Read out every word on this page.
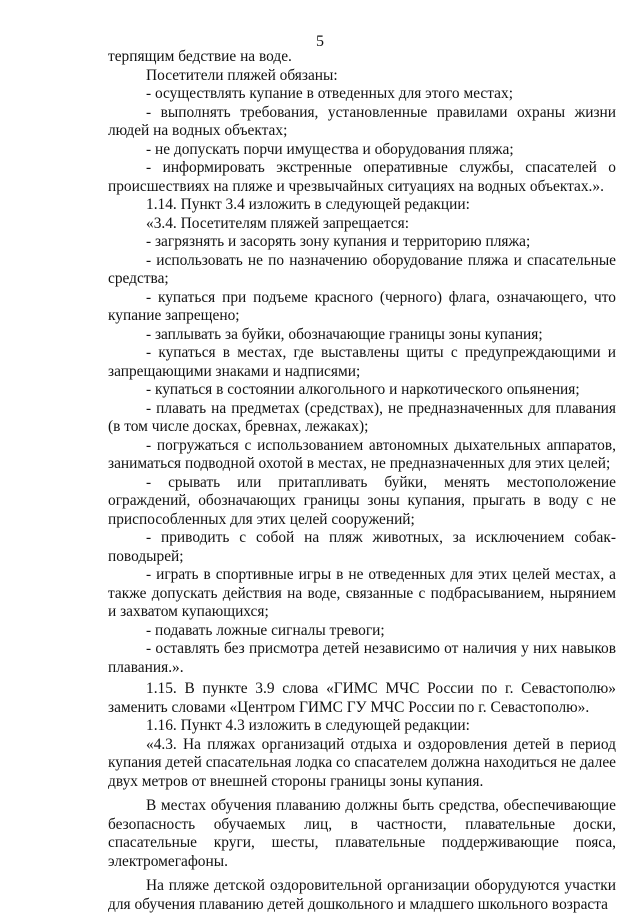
5

терпящим бедствие на воде.

Посетители пляжей обязаны:

- осуществлять купание в отведенных для этого местах;

- выполнять требования, установленные правилами охраны жизни людей на водных объектах;

- не допускать порчи имущества и оборудования пляжа;

- информировать экстренные оперативные службы, спасателей о происшествиях на пляже и чрезвычайных ситуациях на водных объектах.».

1.14. Пункт 3.4 изложить в следующей редакции:

«3.4. Посетителям пляжей запрещается:

- загрязнять и засорять зону купания и территорию пляжа;

- использовать не по назначению оборудование пляжа и спасательные средства;

- купаться при подъеме красного (черного) флага, означающего, что купание запрещено;

- заплывать за буйки, обозначающие границы зоны купания;

- купаться в местах, где выставлены щиты с предупреждающими и запрещающими знаками и надписями;

- купаться в состоянии алкогольного и наркотического опьянения;

- плавать на предметах (средствах), не предназначенных для плавания (в том числе досках, бревнах, лежаках);

- погружаться с использованием автономных дыхательных аппаратов, заниматься подводной охотой в местах, не предназначенных для этих целей;

- срывать или притапливать буйки, менять местоположение ограждений, обозначающих границы зоны купания, прыгать в воду с не приспособленных для этих целей сооружений;

- приводить с собой на пляж животных, за исключением собак-поводырей;

- играть в спортивные игры в не отведенных для этих целей местах, а также допускать действия на воде, связанные с подбрасыванием, нырянием и захватом купающихся;

- подавать ложные сигналы тревоги;

- оставлять без присмотра детей независимо от наличия у них навыков плавания.».

1.15. В пункте 3.9 слова «ГИМС МЧС России по г. Севастополю» заменить словами «Центром ГИМС ГУ МЧС России по г. Севастополю».

1.16. Пункт 4.3 изложить в следующей редакции:

«4.3. На пляжах организаций отдыха и оздоровления детей в период купания детей спасательная лодка со спасателем должна находиться не далее двух метров от внешней стороны границы зоны купания.

В местах обучения плаванию должны быть средства, обеспечивающие безопасность обучаемых лиц, в частности, плавательные доски, спасательные круги, шесты, плавательные поддерживающие пояса, электромегафоны.

На пляже детской оздоровительной организации оборудуются участки для обучения плаванию детей дошкольного и младшего школьного возраста
